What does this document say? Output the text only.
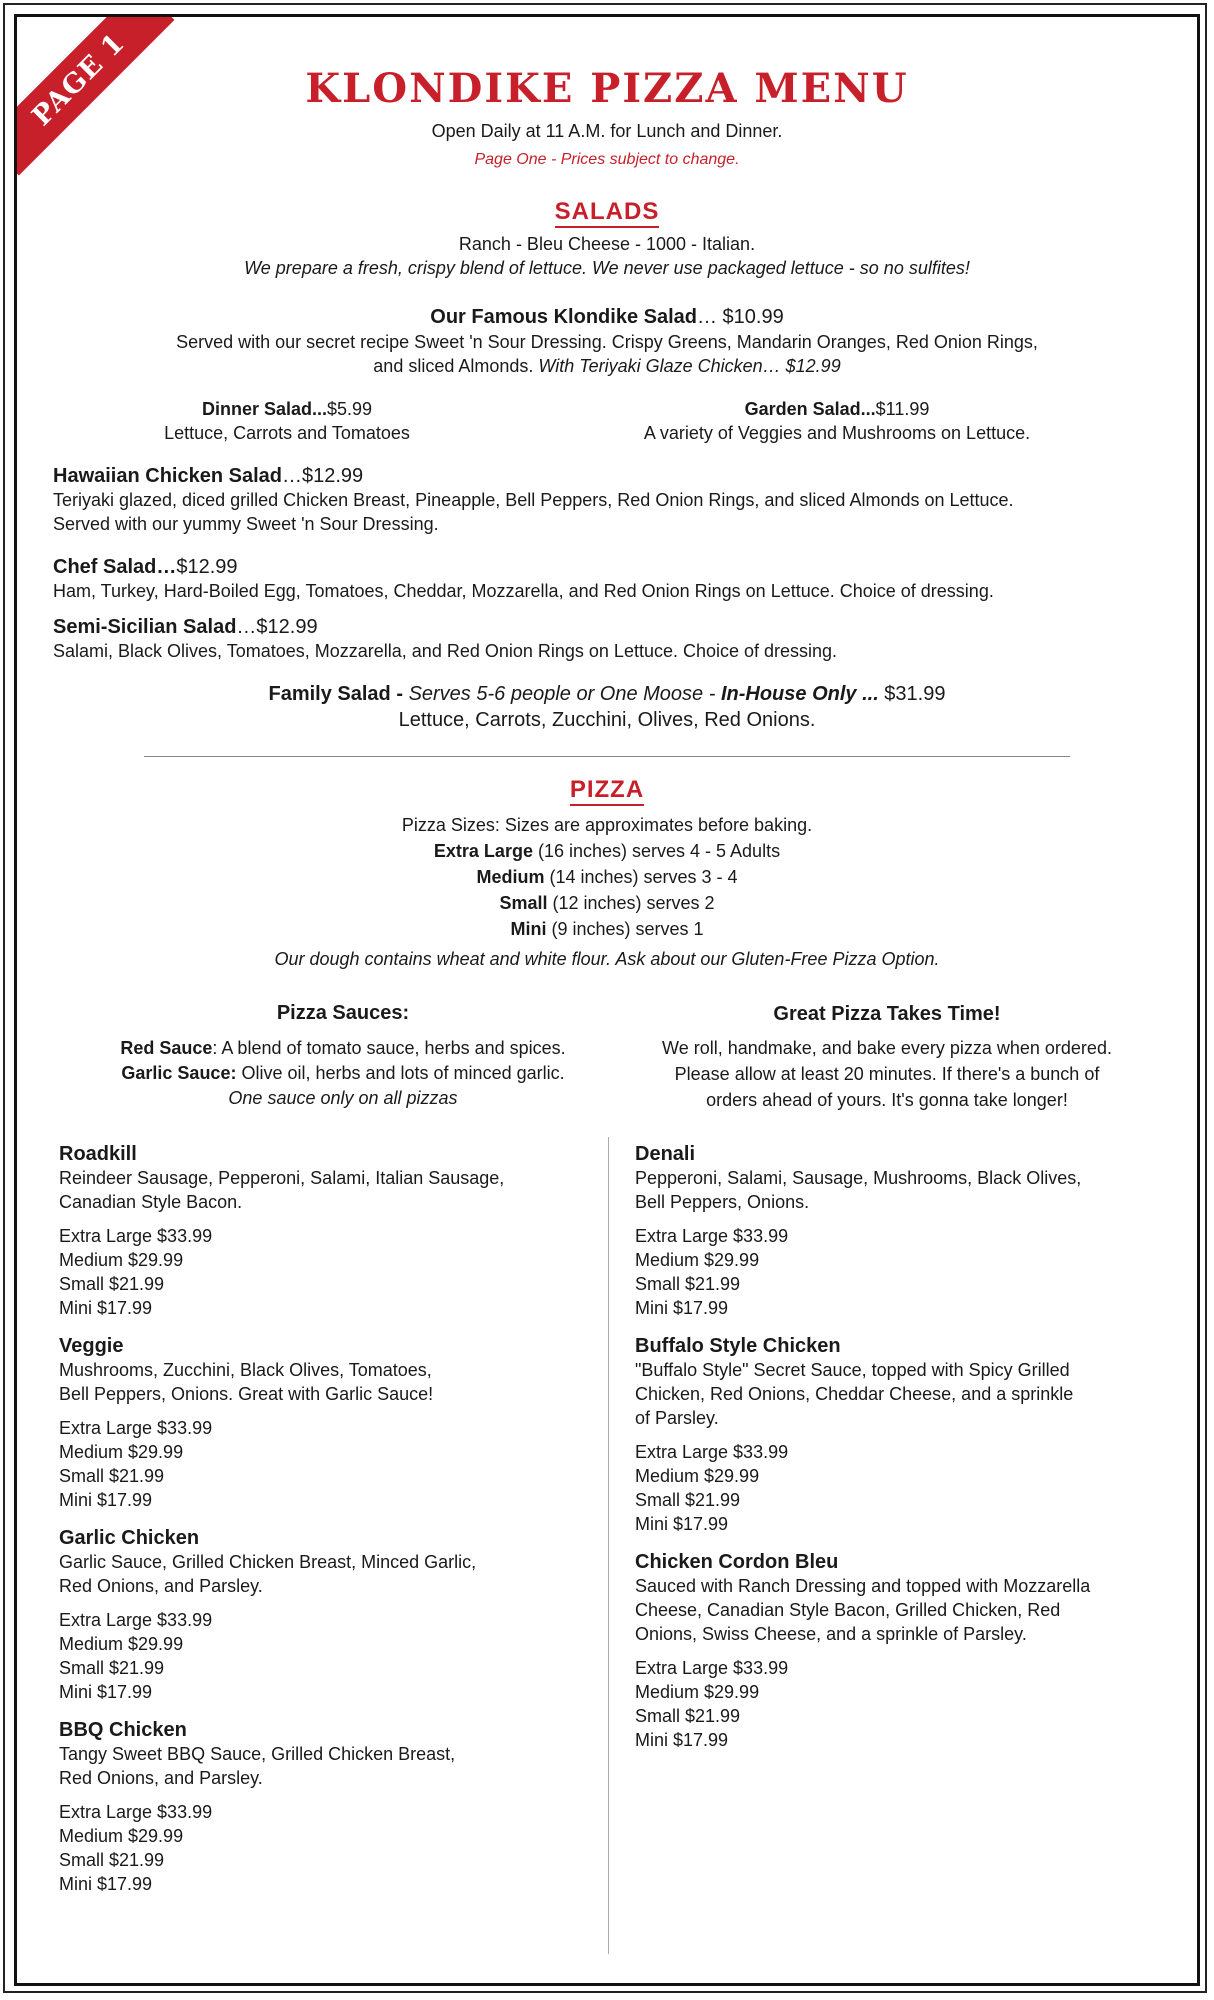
PAGE 1	KLONDIKE PIZZA MENU
Open Daily at 11 A.M. for Lunch and Dinner.
Page One - Prices subject to change.
SALADS
Ranch - Bleu Cheese - 1000 - Italian.
We prepare a fresh, crispy blend of lettuce. We never use packaged lettuce - so no sulfites!
Our Famous Klondike Salad… $10.99
Served with our secret recipe Sweet 'n Sour Dressing. Crispy Greens, Mandarin Oranges, Red Onion Rings,
and sliced Almonds. With Teriyaki Glaze Chicken… $12.99
Dinner Salad...$5.99
Lettuce, Carrots and Tomatoes
Garden Salad...$11.99
A variety of Veggies and Mushrooms on Lettuce.
Hawaiian Chicken Salad…$12.99
Teriyaki glazed, diced grilled Chicken Breast, Pineapple, Bell Peppers, Red Onion Rings, and sliced Almonds on Lettuce.
Served with our yummy Sweet 'n Sour Dressing.
Chef Salad…$12.99
Ham, Turkey, Hard-Boiled Egg, Tomatoes, Cheddar, Mozzarella, and Red Onion Rings on Lettuce. Choice of dressing.
Semi-Sicilian Salad…$12.99
Salami, Black Olives, Tomatoes, Mozzarella, and Red Onion Rings on Lettuce. Choice of dressing.
Family Salad - Serves 5-6 people or One Moose - In-House Only ... $31.99
Lettuce, Carrots, Zucchini, Olives, Red Onions.
PIZZA
Pizza Sizes: Sizes are approximates before baking.
Extra Large (16 inches) serves 4 - 5 Adults
Medium (14 inches) serves 3 - 4
Small (12 inches) serves 2
Mini (9 inches) serves 1
Our dough contains wheat and white flour. Ask about our Gluten-Free Pizza Option.
Pizza Sauces:
Red Sauce: A blend of tomato sauce, herbs and spices.
Garlic Sauce: Olive oil, herbs and lots of minced garlic.
One sauce only on all pizzas
Great Pizza Takes Time!
We roll, handmake, and bake every pizza when ordered.
Please allow at least 20 minutes. If there's a bunch of
orders ahead of yours. It's gonna take longer!
Roadkill
Reindeer Sausage, Pepperoni, Salami, Italian Sausage,
Canadian Style Bacon.
Extra Large $33.99
Medium $29.99
Small $21.99
Mini $17.99
Veggie
Mushrooms, Zucchini, Black Olives, Tomatoes,
Bell Peppers, Onions. Great with Garlic Sauce!
Extra Large $33.99
Medium $29.99
Small $21.99
Mini $17.99
Garlic Chicken
Garlic Sauce, Grilled Chicken Breast, Minced Garlic,
Red Onions, and Parsley.
Extra Large $33.99
Medium $29.99
Small $21.99
Mini $17.99
BBQ Chicken
Tangy Sweet BBQ Sauce, Grilled Chicken Breast,
Red Onions, and Parsley.
Extra Large $33.99
Medium $29.99
Small $21.99
Mini $17.99
Denali
Pepperoni, Salami, Sausage, Mushrooms, Black Olives,
Bell Peppers, Onions.
Extra Large $33.99
Medium $29.99
Small $21.99
Mini $17.99
Buffalo Style Chicken
"Buffalo Style" Secret Sauce, topped with Spicy Grilled
Chicken, Red Onions, Cheddar Cheese, and a sprinkle
of Parsley.
Extra Large $33.99
Medium $29.99
Small $21.99
Mini $17.99
Chicken Cordon Bleu
Sauced with Ranch Dressing and topped with Mozzarella
Cheese, Canadian Style Bacon, Grilled Chicken, Red
Onions, Swiss Cheese, and a sprinkle of Parsley.
Extra Large $33.99
Medium $29.99
Small $21.99
Mini $17.99
